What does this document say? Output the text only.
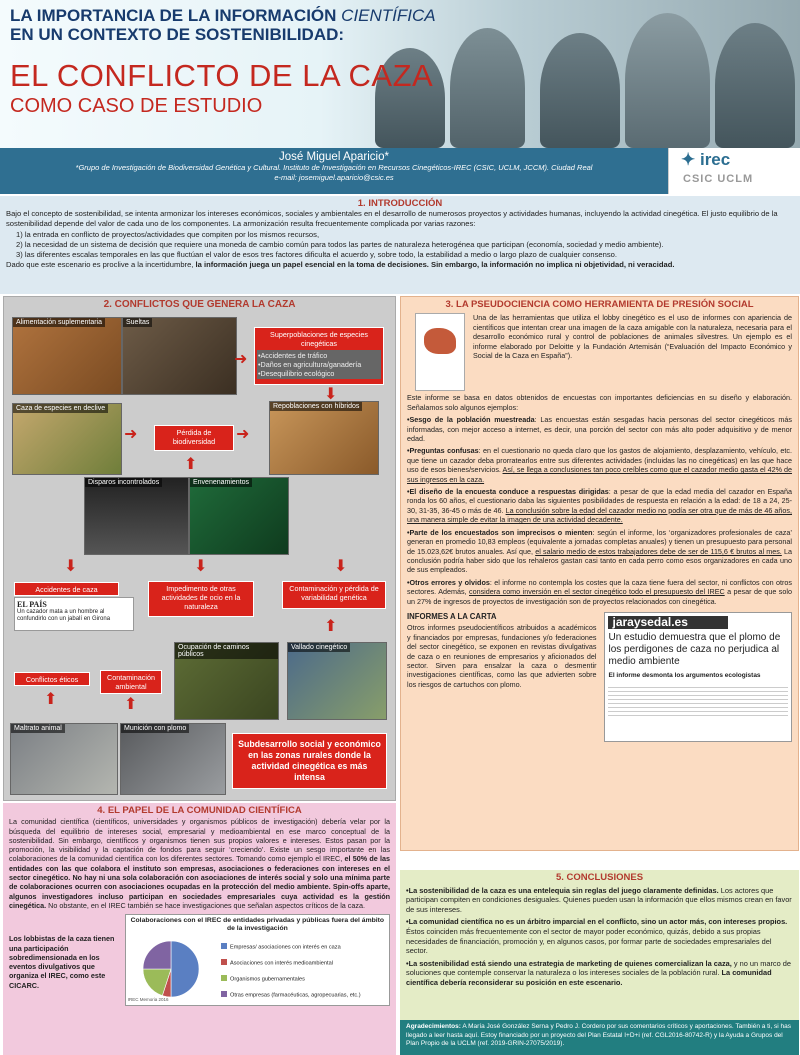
LA IMPORTANCIA DE LA INFORMACIÓN CIENTÍFICA
EN UN CONTEXTO DE SOSTENIBILIDAD:
EL CONFLICTO DE LA CAZA
COMO CASO DE ESTUDIO
José Miguel Aparicio*
*Grupo de Investigación de Biodiversidad Genética y Cultural. Instituto de Investigación en Recursos Cinegéticos-IREC (CSIC, UCLM, JCCM). Ciudad Real
e-mail: josemiguel.aparicio@csic.es
✦ irec
CSIC UCLM
1. INTRODUCCIÓN

Bajo el concepto de sostenibilidad, se intenta armonizar los intereses económicos, sociales y ambientales en el desarrollo de numerosos proyectos y actividades humanas, incluyendo la actividad cinegética. El justo equilibrio de la sostenibilidad depende del valor de cada uno de los componentes. La armonización resulta frecuentemente complicada por varias razones:

1) la entrada en conflicto de proyectos/actividades que compiten por los mismos recursos,
2) la necesidad de un sistema de decisión que requiere una moneda de cambio común para todos las partes de naturaleza heterogénea que participan (economía, sociedad y medio ambiente).
3) las diferentes escalas temporales en las que fluctúan el valor de esos tres factores dificulta el acuerdo y, sobre todo, la estabilidad a medio o largo plazo de cualquier consenso.

Dado que este escenario es proclive a la incertidumbre, la información juega un papel esencial en la toma de decisiones. Sin embargo, la información no implica ni objetividad, ni veracidad.

2. CONFLICTOS QUE GENERA LA CAZA
Alimentación suplementaria	Sueltas
Superpoblaciones de especies cinegéticas
•Accidentes de tráfico
•Daños en agricultura/ganadería
•Desequilibrio ecológico
Caza de especies en declive
Pérdida de biodiversidad
Repoblaciones con híbridos
Disparos incontrolados	Envenenamientos
Accidentes de caza
EL PAÍS
Un cazador mata a un hombre al confundirlo con un jabalí en Girona
Impedimento de otras actividades de ocio en la naturaleza
Contaminación y pérdida de variabilidad genética
Ocupación de caminos públicos
Vallado cinegético
Conflictos éticos	Contaminación ambiental
Maltrato animal	Munición con plomo
Subdesarrollo social y económico en las zonas rurales donde la actividad cinegética es más intensa
➜
➜
➜
⬆
⬇
⬇
⬇	⬇
⬆
⬆	⬆
3. LA PSEUDOCIENCIA COMO HERRAMIENTA DE PRESIÓN SOCIAL

Una de las herramientas que utiliza el lobby cinegético es el uso de informes con apariencia de científicos que intentan crear una imagen de la caza amigable con la naturaleza, necesaria para el desarrollo económico rural y control de poblaciones de animales silvestres. Un ejemplo es el informe elaborado por Deloitte y la Fundación Artemisán (“Evaluación del Impacto Económico y Social de la Caza en España”).

Este informe se basa en datos obtenidos de encuestas con importantes deficiencias en su diseño y elaboración. Señalamos solo algunos ejemplos:

•Sesgo de la población muestreada: Las encuestas están sesgadas hacia personas del sector cinegéticos más informadas, con mejor acceso a internet, es decir, una porción del sector con más alto poder adquisitivo y de menor edad.

•Preguntas confusas: en el cuestionario no queda claro que los gastos de alojamiento, desplazamiento, vehículo, etc. que tiene un cazador deba prorratearlos entre sus diferentes actividades (incluidas las no cinegéticas) en las que hace uso de esos bienes/servicios. Así, se llega a conclusiones tan poco creíbles como que el cazador medio gasta el 42% de sus ingresos en la caza.

•El diseño de la encuesta conduce a respuestas dirigidas: a pesar de que la edad media del cazador en España ronda los 60 años, el cuestionario daba las siguientes posibilidades de respuesta en relación a la edad: de 18 a 24, 25-30, 31-35, 36-45 o más de 46. La conclusión sobre la edad del cazador medio no podía ser otra que de más de 46 años, una manera simple de evitar la imagen de una actividad decadente.

•Parte de los encuestados son imprecisos o mienten: según el informe, los ‘organizadores profesionales de caza’ generan en promedio 10,83 empleos (equivalente a jornadas completas anuales) y tienen un presupuesto para personal de 15.023,62€ brutos anuales. Así que, el salario medio de estos trabajadores debe de ser de 115,6 € brutos al mes. La conclusión podría haber sido que los rehaleros gastan casi tanto en cada perro como esos organizadores en cada uno de sus empleados.

•Otros errores y olvidos: el informe no contempla los costes que la caza tiene fuera del sector, ni conflictos con otros sectores. Además, considera como inversión en el sector cinegético todo el presupuesto del IREC a pesar de que solo un 27% de ingresos de proyectos de investigación son de proyectos relacionados con cinegética.

INFORMES A LA CARTA

Otros informes pseudocientíficos atribuidos a académicos y financiados por empresas, fundaciones y/o federaciones del sector cinegético, se exponen en revistas divulgativas de caza o en reuniones de empresarios y aficionados del sector. Sirven para ensalzar la caza o desmentir investigaciones científicas, como las que advierten sobre los riesgos de cartuchos con plomo.

jaraysedal.es
Un estudio demuestra que el plomo de los perdigones de caza no perjudica al medio ambiente
El informe desmonta los argumentos ecologistas
4. EL PAPEL DE LA COMUNIDAD CIENTÍFICA

La comunidad científica (científicos, universidades y organismos públicos de investigación) debería velar por la búsqueda del equilibrio de intereses social, empresarial y medioambiental en ese marco conceptual de la sostenibilidad. Sin embargo, científicos y organismos tienen sus propios valores e intereses. Estos pasan por la promoción, la visibilidad y la captación de fondos para seguir ‘creciendo’. Existe un sesgo importante en las colaboraciones de la comunidad científica con los diferentes sectores. Tomando como ejemplo el IREC, el 50% de las entidades con las que colabora el instituto son empresas, asociaciones o federaciones con intereses en el sector cinegético. No hay ni una sola colaboración con asociaciones de interés social y solo una mínima parte de colaboraciones ocurren con asociaciones ocupadas en la protección del medio ambiente. Spin-offs aparte, algunos investigadores incluso participan en sociedades empresariales cuya actividad es la gestión cinegética. No obstante, en el IREC también se hace investigaciones que señalan aspectos críticos de la caza.

Los lobbistas de la caza tienen una participación sobredimensionada en los eventos divulgativos que organiza el IREC, como este CICARC.

Colaboraciones con el IREC de entidades privadas y públicas fuera del ámbito de la investigación
Empresas/ asociaciones con interés en caza
Asociaciones con interés medioambiental
Organismos gubernamentales
Otras empresas (farmacéuticas, agropecuarias, etc.)
IREC Memoria 2016
5. CONCLUSIONES

•La sostenibilidad de la caza es una entelequia sin reglas del juego claramente definidas. Los actores que participan compiten en condiciones desiguales. Quienes pueden usan la información que ellos mismos crean en favor de sus intereses.

•La comunidad científica no es un árbitro imparcial en el conflicto, sino un actor más, con intereses propios. Éstos coinciden más frecuentemente con el sector de mayor poder económico, quizás, debido a sus propias necesidades de financiación, promoción y, en algunos casos, por formar parte de sociedades empresariales del sector.

•La sostenibilidad está siendo una estrategia de marketing de quienes comercializan la caza, y no un marco de soluciones que contemple conservar la naturaleza o los intereses sociales de la población rural. La comunidad científica debería reconsiderar su posición en este escenario.

Agradecimientos: A María José González Serna y Pedro J. Cordero por sus comentarios críticos y aportaciones. También a ti, si has llegado a leer hasta aquí. Estoy financiado por un proyecto del Plan Estatal I+D+i (ref. CGL2016-80742-R) y la Ayuda a Grupos del Plan Propio de la UCLM (ref. 2019-GRIN-27075/2019).
